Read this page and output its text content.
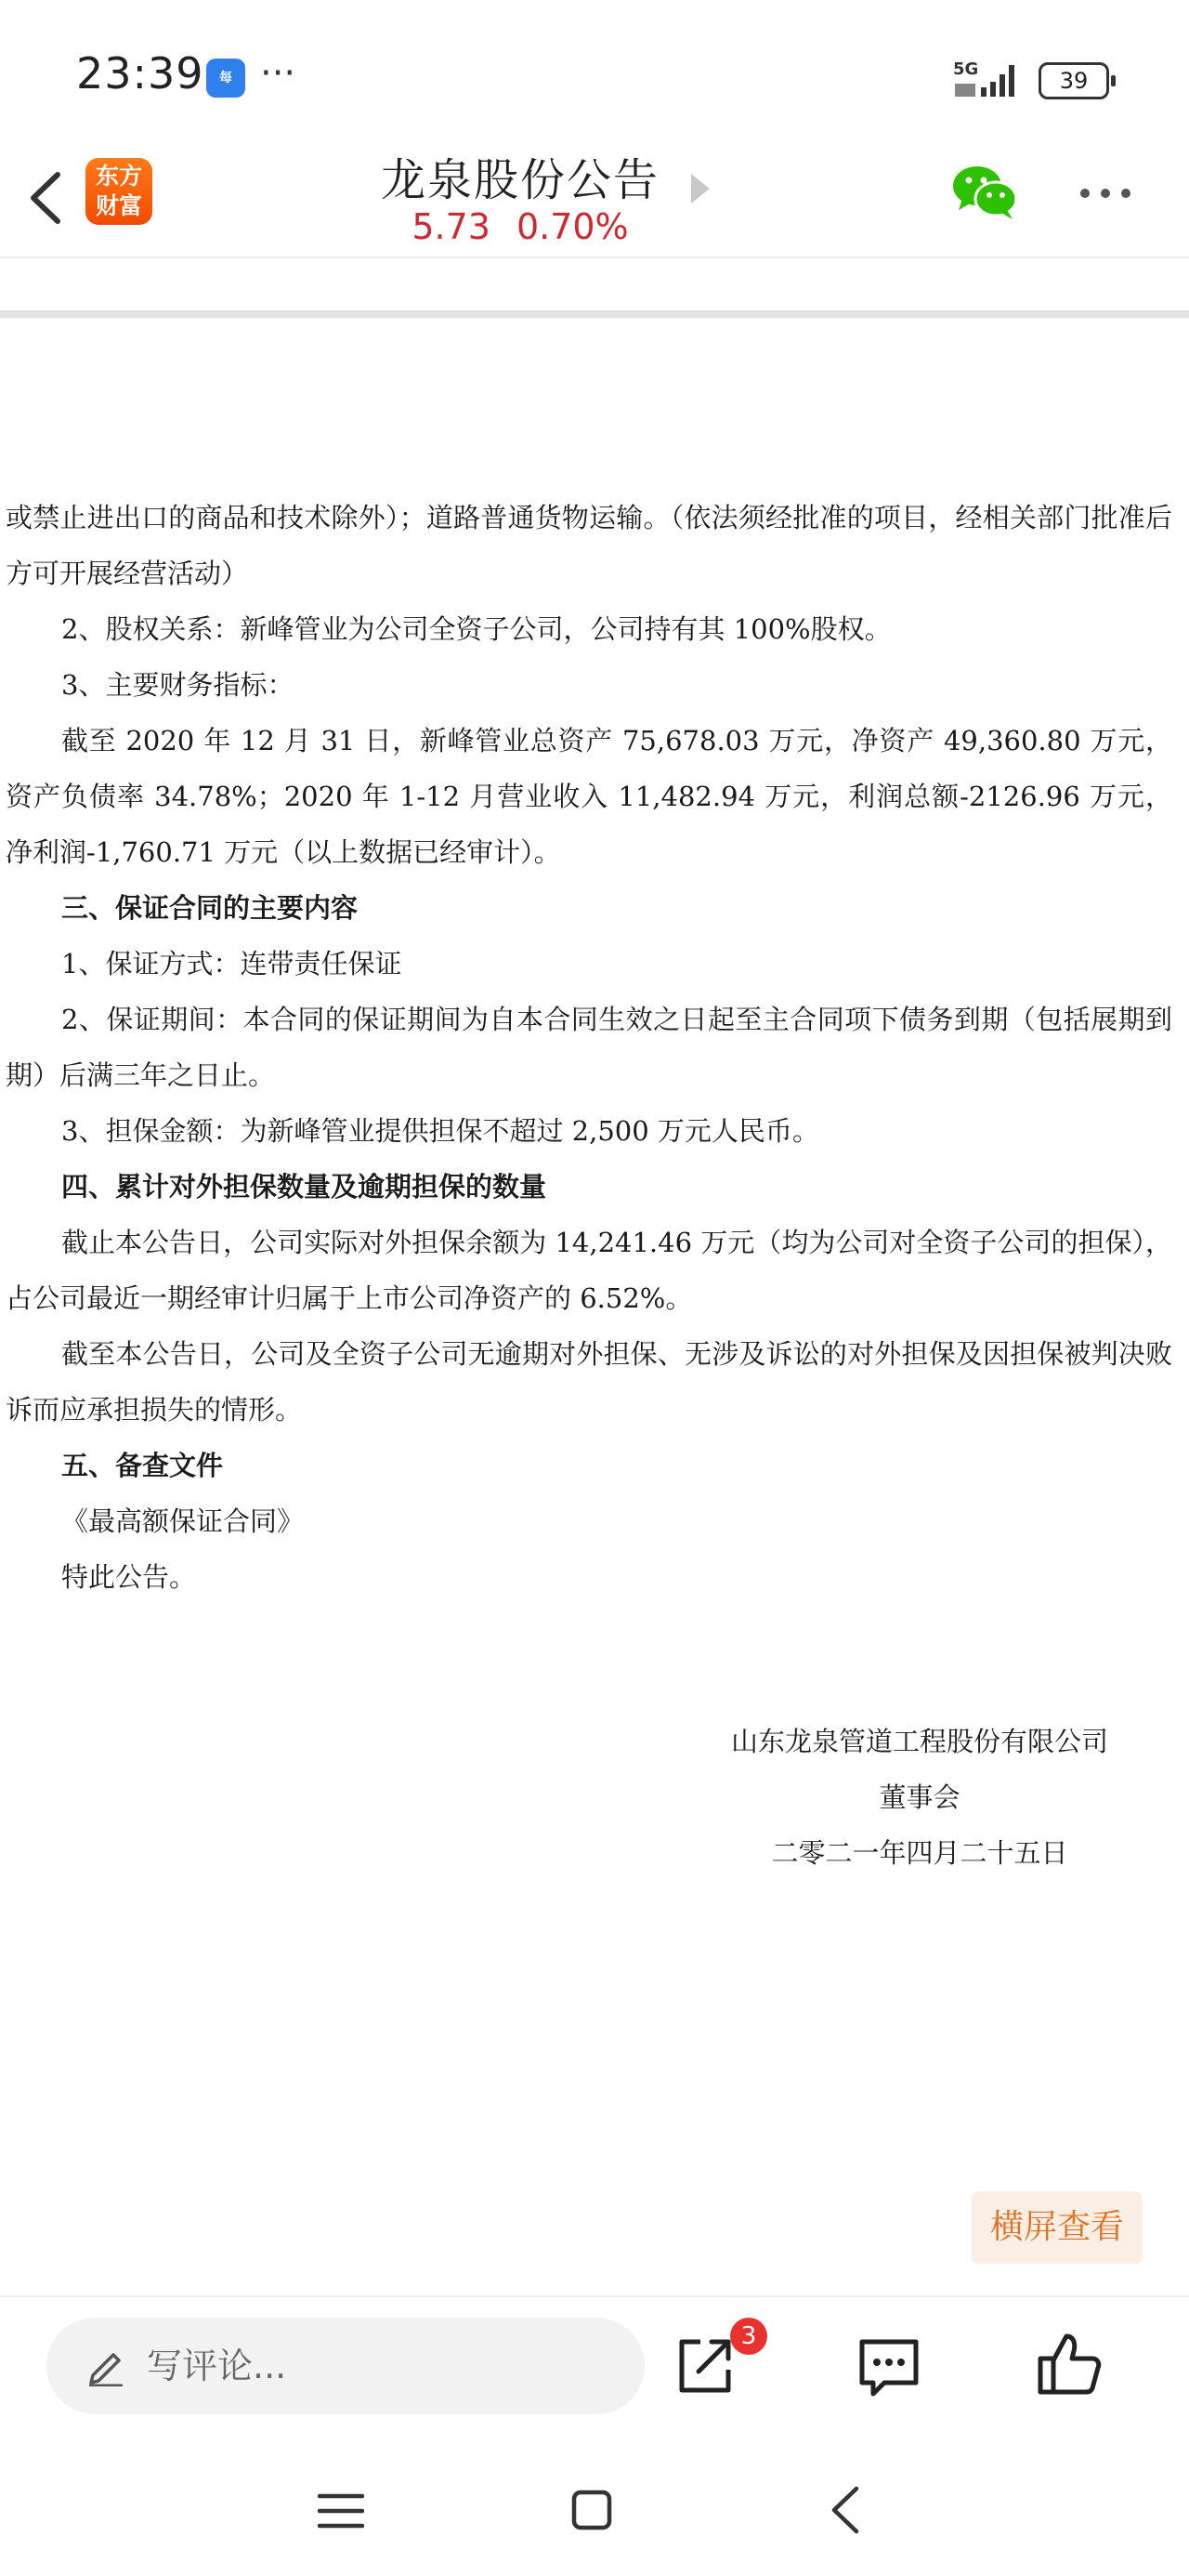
23:39	每 ···	5G	39
东方
财富	龙泉股份公告
5.73 0.70%

或禁止进出口的商品和技术除外）；道路普通货物运输。（依法须经批准的项目，经相关部门批准后方可开展经营活动）

2、股权关系：新峰管业为公司全资子公司，公司持有其 100%股权。

3、主要财务指标：

截至 2020 年 12 月 31 日，新峰管业总资产 75,678.03 万元，净资产 49,360.80 万元，资产负债率 34.78%；2020 年 1-12 月营业收入 11,482.94 万元，利润总额-2126.96 万元，净利润-1,760.71 万元（以上数据已经审计）。

三、保证合同的主要内容

1、保证方式：连带责任保证

2、保证期间：本合同的保证期间为自本合同生效之日起至主合同项下债务到期（包括展期到期）后满三年之日止。

3、担保金额：为新峰管业提供担保不超过 2,500 万元人民币。

四、累计对外担保数量及逾期担保的数量

截止本公告日，公司实际对外担保余额为 14,241.46 万元（均为公司对全资子公司的担保），占公司最近一期经审计归属于上市公司净资产的 6.52%。

截至本公告日，公司及全资子公司无逾期对外担保、无涉及诉讼的对外担保及因担保被判决败诉而应承担损失的情形。

五、备查文件

《最高额保证合同》

特此公告。

山东龙泉管道工程股份有限公司

董事会

二零二一年四月二十五日

横屏查看
写评论...
3
